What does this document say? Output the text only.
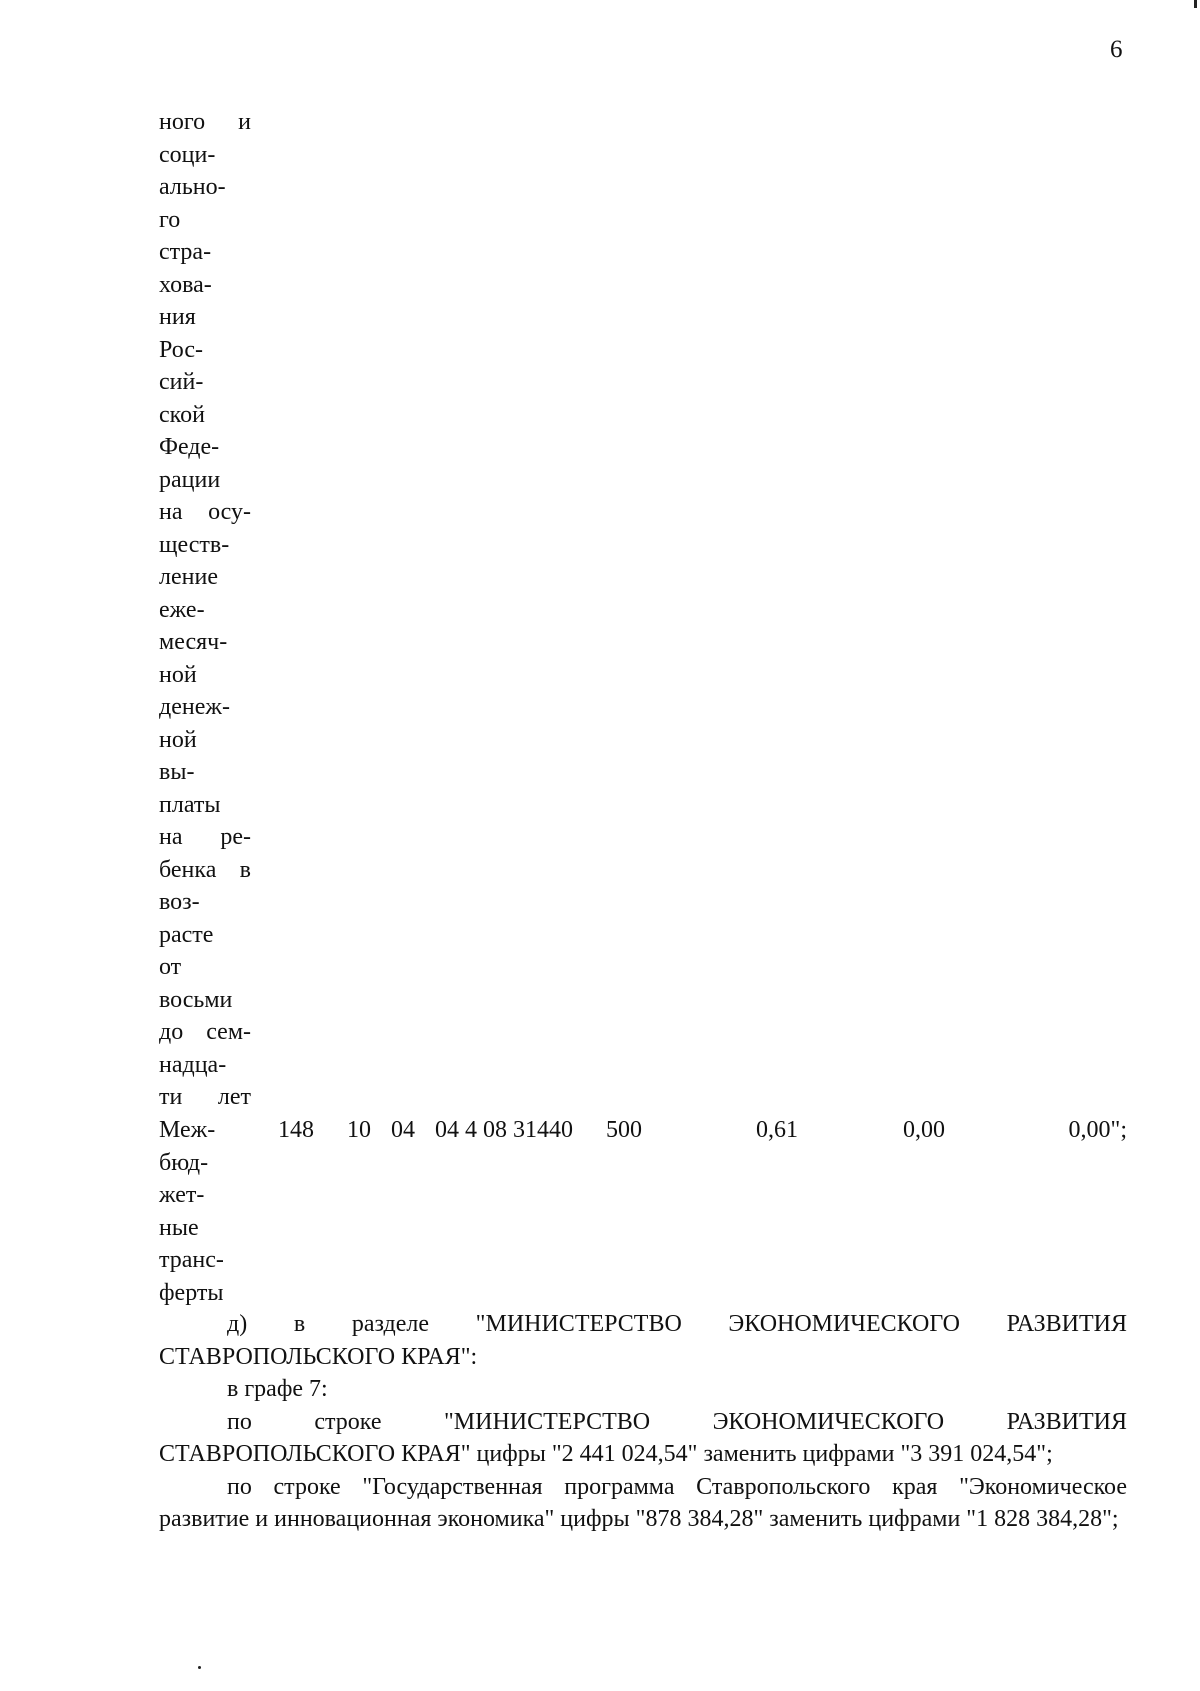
6
ного и
соци-
ально-
го
стра-
хова-
ния
Рос-
сий-
ской
Феде-
рации
на осу-
ществ-
ление
еже-
месяч-
ной
денеж-
ной
вы-
платы
на ре-
бенка в
воз-
расте
от
восьми
до сем-
надца-
ти лет
Меж-
бюд-
жет-
ные
транс-
ферты
148 10 04 04 4 08 31440 500	0,61	0,00	0,00";

д) в разделе "МИНИСТЕРСТВО ЭКОНОМИЧЕСКОГО РАЗВИТИЯ

СТАВРОПОЛЬСКОГО КРАЯ":

в графе 7:

по строке "МИНИСТЕРСТВО ЭКОНОМИЧЕСКОГО РАЗВИТИЯ СТАВРОПОЛЬСКОГО КРАЯ" цифры "2 441 024,54" заменить цифрами "3 391 024,54";

по строке "Государственная программа Ставропольского края "Экономическое развитие и инновационная экономика" цифры "878 384,28" заменить цифрами "1 828 384,28";
